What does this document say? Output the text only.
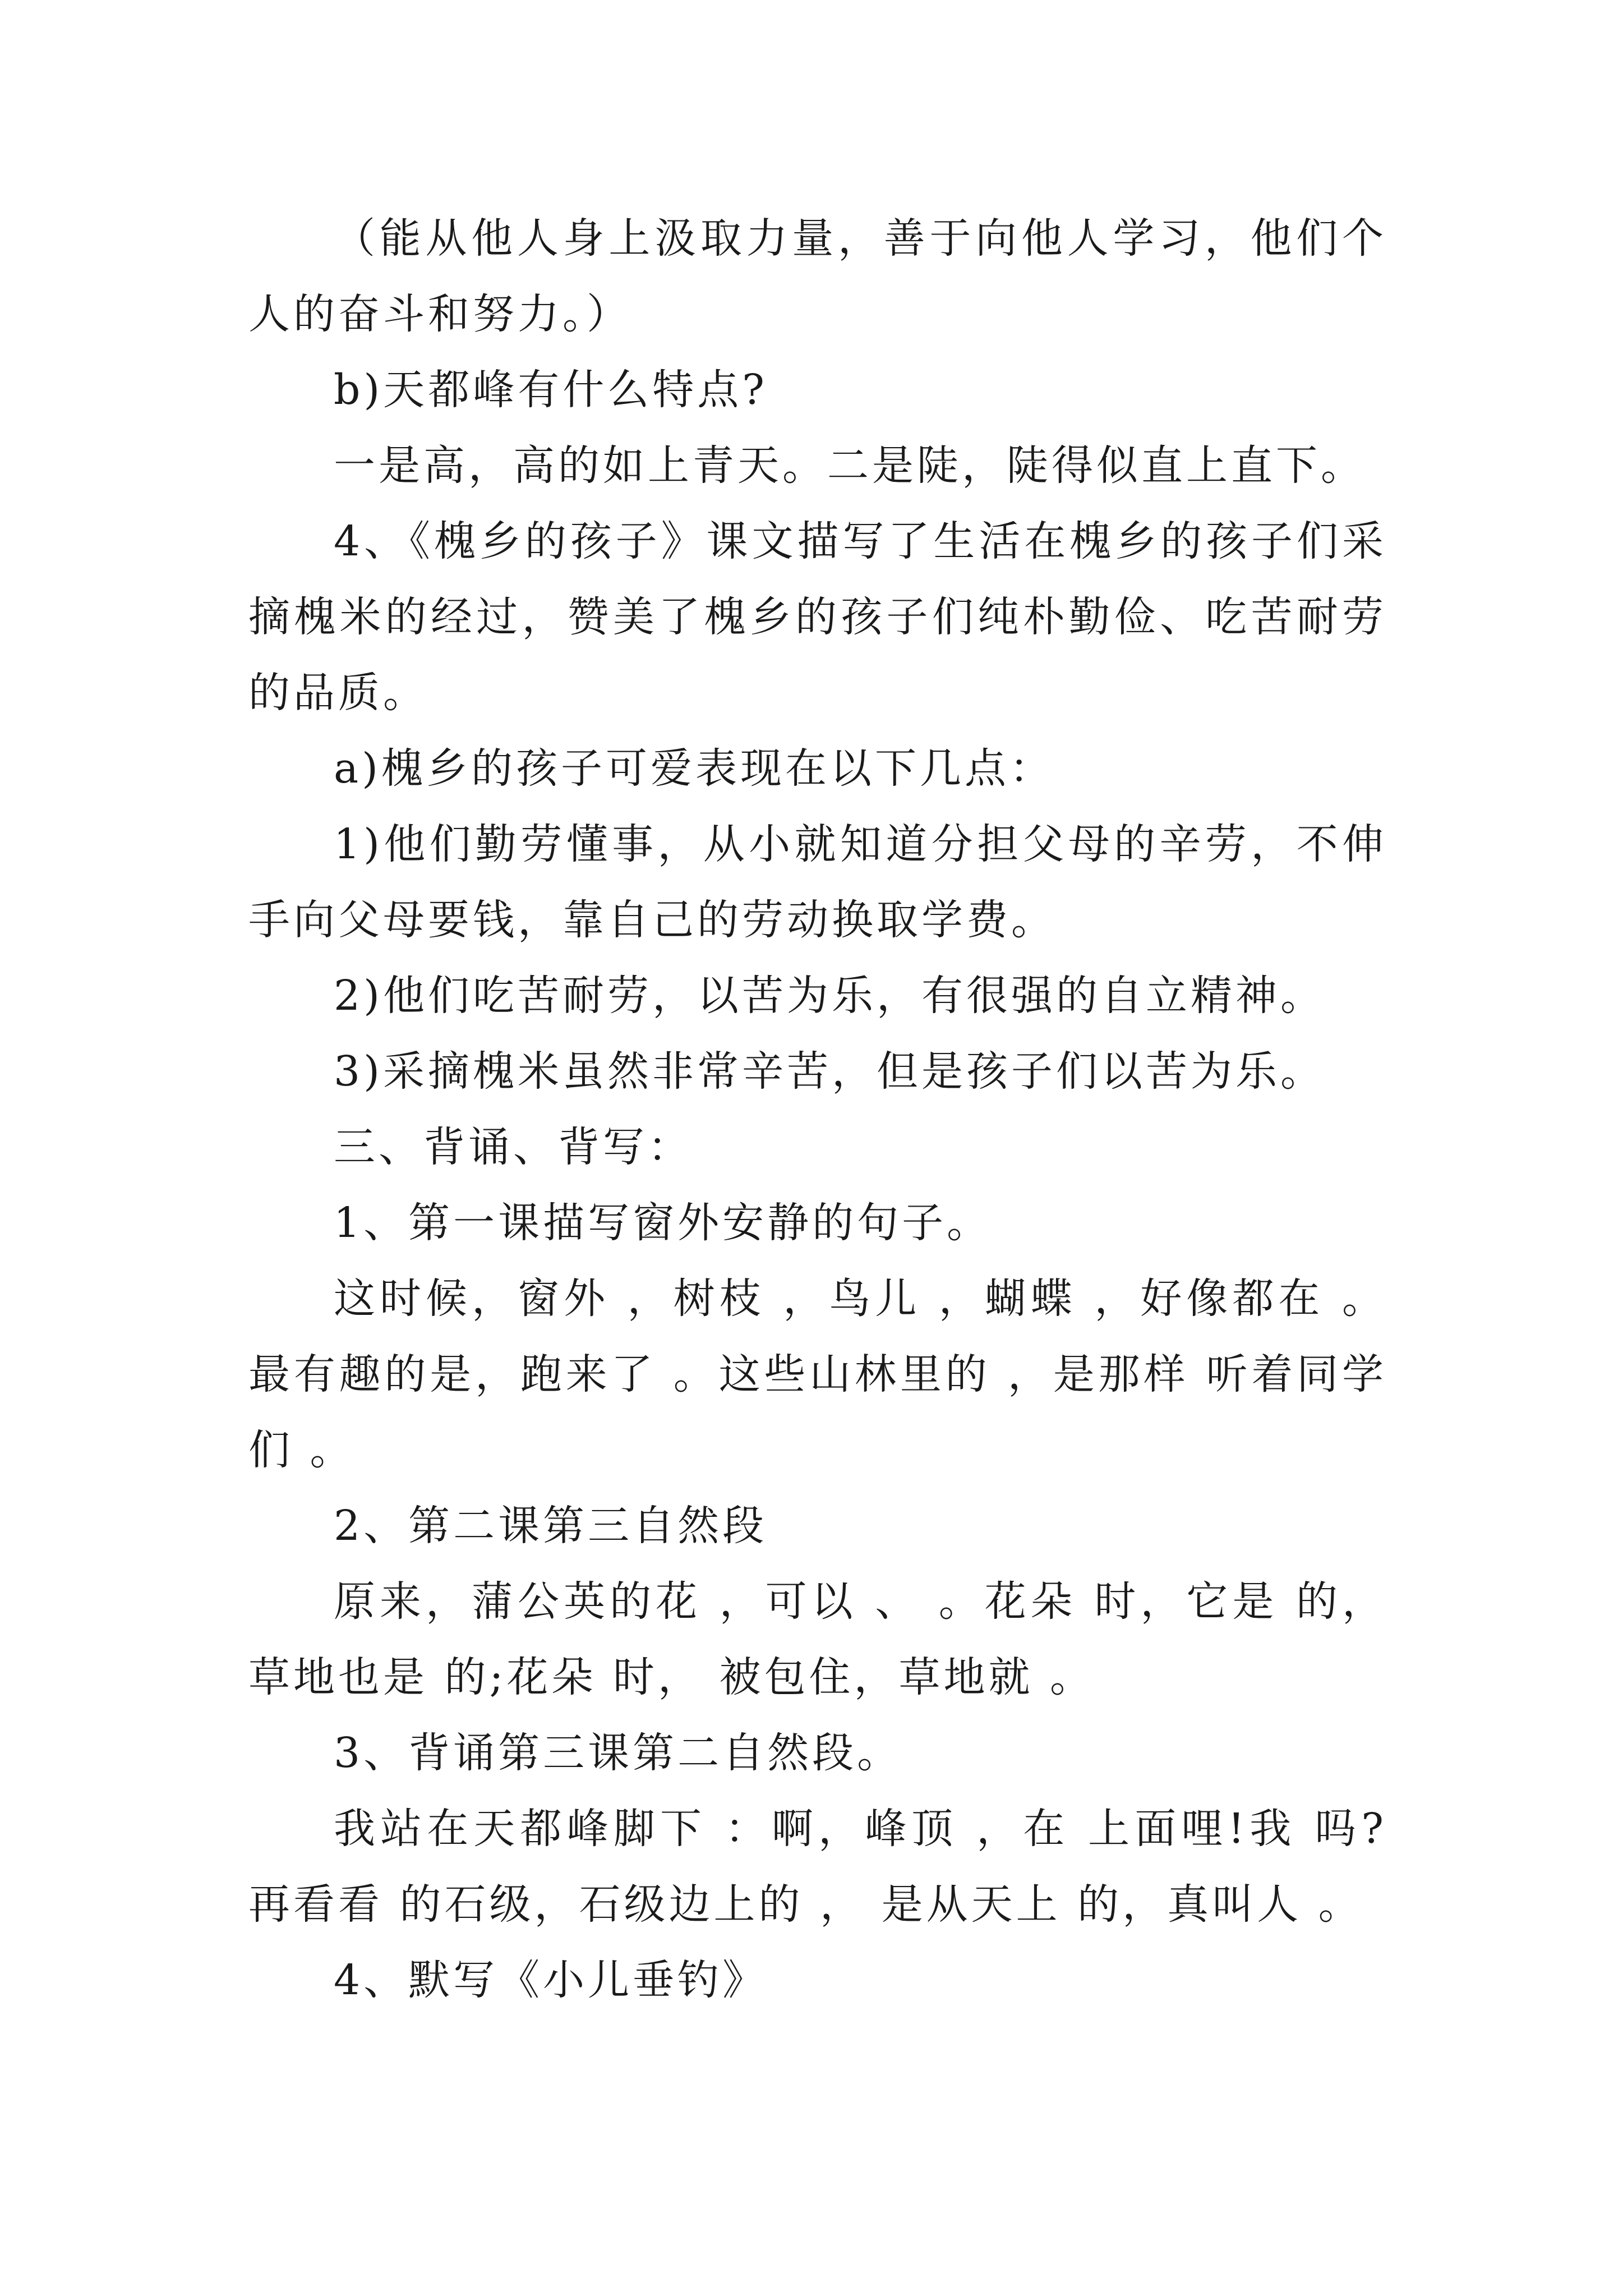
（能从他人身上汲取力量，善于向他人学习，他们个人的奋斗和努力。）

b)天都峰有什么特点?

一是高，高的如上青天。二是陡，陡得似直上直下。

4、《槐乡的孩子》课文描写了生活在槐乡的孩子们采摘槐米的经过，赞美了槐乡的孩子们纯朴勤俭、吃苦耐劳的品质。

a)槐乡的孩子可爱表现在以下几点：

1)他们勤劳懂事，从小就知道分担父母的辛劳，不伸手向父母要钱，靠自己的劳动换取学费。

2)他们吃苦耐劳，以苦为乐，有很强的自立精神。

3)采摘槐米虽然非常辛苦，但是孩子们以苦为乐。

三、背诵、背写：

1、第一课描写窗外安静的句子。

这时候，窗外 ，树枝 ，鸟儿 ，蝴蝶 ，好像都在 。最有趣的是，跑来了 。这些山林里的 ，是那样 听着同学们 。

2、第二课第三自然段

原来，蒲公英的花 ，可以 、 。花朵 时，它是 的，草地也是 的;花朵 时， 被包住，草地就 。

3、背诵第三课第二自然段。

我站在天都峰脚下 ：啊，峰顶 ，在 上面哩!我 吗?再看看 的石级，石级边上的 ， 是从天上 的，真叫人 。

4、默写《小儿垂钓》
